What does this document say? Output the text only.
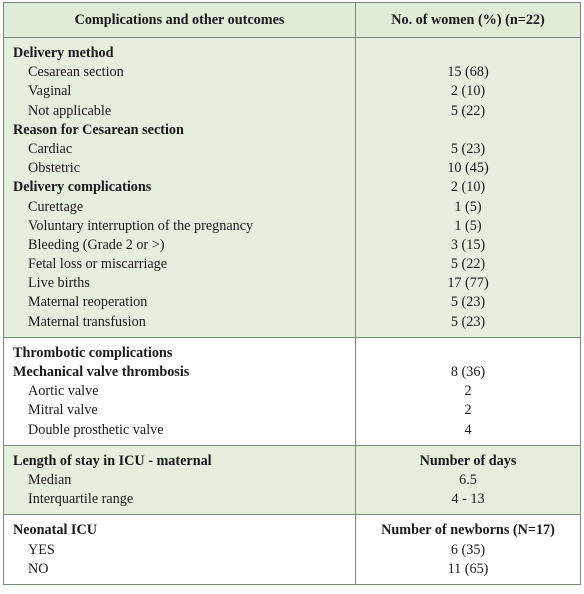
Complications and other outcomes	No. of women (%) (n=22)
Delivery method
Cesarean section
Vaginal
Not applicable
Reason for Cesarean section
Cardiac
Obstetric
Delivery complications
Curettage
Voluntary interruption of the pregnancy
Bleeding (Grade 2 or >)
Fetal loss or miscarriage
Live births
Maternal reoperation
Maternal transfusion
15 (68)
2 (10)
5 (22)
5 (23)
10 (45)
2 (10)
1 (5)
1 (5)
3 (15)
5 (22)
17 (77)
5 (23)
5 (23)
Thrombotic complications
Mechanical valve thrombosis
Aortic valve
Mitral valve
Double prosthetic valve
8 (36)
2
2
4
Length of stay in ICU - maternal
Median
Interquartile range
Number of days
6.5
4 - 13
Neonatal ICU
YES
NO
Number of newborns (N=17)
6 (35)
11 (65)
